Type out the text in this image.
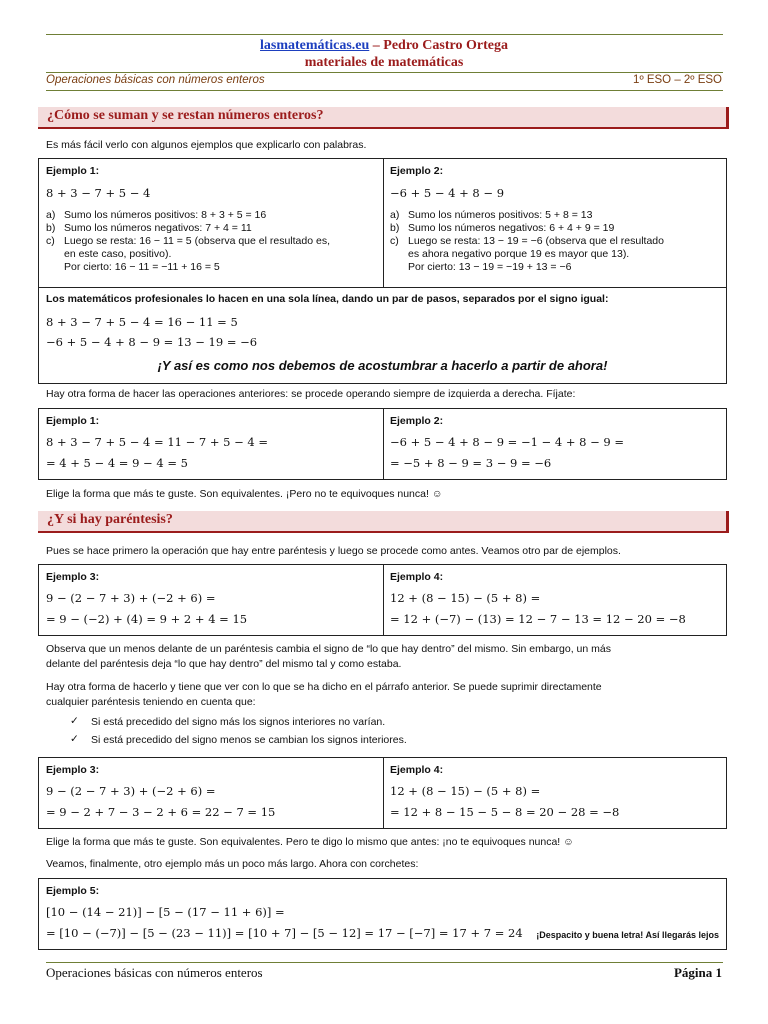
lasmatemáticas.eu – Pedro Castro Ortega
materiales de matemáticas
Operaciones básicas con números enteros	1º ESO – 2º ESO
¿Cómo se suman y se restan números enteros?
Es más fácil verlo con algunos ejemplos que explicarlo con palabras.
Ejemplo 1:
8 + 3 − 7 + 5 − 4
a) Sumo los números positivos: 8 + 3 + 5 = 16
b) Sumo los números negativos: 7 + 4 = 11
c) Luego se resta: 16 − 11 = 5 (observa que el resultado es,
en este caso, positivo).
Por cierto: 16 − 11 = −11 + 16 = 5
Ejemplo 2:
−6 + 5 − 4 + 8 − 9
a) Sumo los números positivos: 5 + 8 = 13
b) Sumo los números negativos: 6 + 4 + 9 = 19
c) Luego se resta: 13 − 19 = −6 (observa que el resultado
es ahora negativo porque 19 es mayor que 13).
Por cierto: 13 − 19 = −19 + 13 = −6
Los matemáticos profesionales lo hacen en una sola línea, dando un par de pasos, separados por el signo igual:
8 + 3 − 7 + 5 − 4 = 16 − 11 = 5
−6 + 5 − 4 + 8 − 9 = 13 − 19 = −6
¡Y así es como nos debemos de acostumbrar a hacerlo a partir de ahora!
Hay otra forma de hacer las operaciones anteriores: se procede operando siempre de izquierda a derecha. Fíjate:
Ejemplo 1:
8 + 3 − 7 + 5 − 4 = 11 − 7 + 5 − 4 =
= 4 + 5 − 4 = 9 − 4 = 5
Ejemplo 2:
−6 + 5 − 4 + 8 − 9 = −1 − 4 + 8 − 9 =
= −5 + 8 − 9 = 3 − 9 = −6
Elige la forma que más te guste. Son equivalentes. ¡Pero no te equivoques nunca! ☺
¿Y si hay paréntesis?
Pues se hace primero la operación que hay entre paréntesis y luego se procede como antes. Veamos otro par de ejemplos.
Ejemplo 3:
9 − (2 − 7 + 3) + (−2 + 6) =
= 9 − (−2) + (4) = 9 + 2 + 4 = 15
Ejemplo 4:
12 + (8 − 15) − (5 + 8) =
= 12 + (−7) − (13) = 12 − 7 − 13 = 12 − 20 = −8
Observa que un menos delante de un paréntesis cambia el signo de “lo que hay dentro” del mismo. Sin embargo, un más
delante del paréntesis deja “lo que hay dentro” del mismo tal y como estaba.
Hay otra forma de hacerlo y tiene que ver con lo que se ha dicho en el párrafo anterior. Se puede suprimir directamente
cualquier paréntesis teniendo en cuenta que:
✓ Si está precedido del signo más los signos interiores no varían.
✓ Si está precedido del signo menos se cambian los signos interiores.
Ejemplo 3:
9 − (2 − 7 + 3) + (−2 + 6) =
= 9 − 2 + 7 − 3 − 2 + 6 = 22 − 7 = 15
Ejemplo 4:
12 + (8 − 15) − (5 + 8) =
= 12 + 8 − 15 − 5 − 8 = 20 − 28 = −8
Elige la forma que más te guste. Son equivalentes. Pero te digo lo mismo que antes: ¡no te equivoques nunca! ☺
Veamos, finalmente, otro ejemplo más un poco más largo. Ahora con corchetes:
Ejemplo 5:
[10 − (14 − 21)] − [5 − (17 − 11 + 6)] =
= [10 − (−7)] − [5 − (23 − 11)] = [10 + 7] − [5 − 12] = 17 − [−7] = 17 + 7 = 24 ¡Despacito y buena letra! Así llegarás lejos
Operaciones básicas con números enteros	Página 1
